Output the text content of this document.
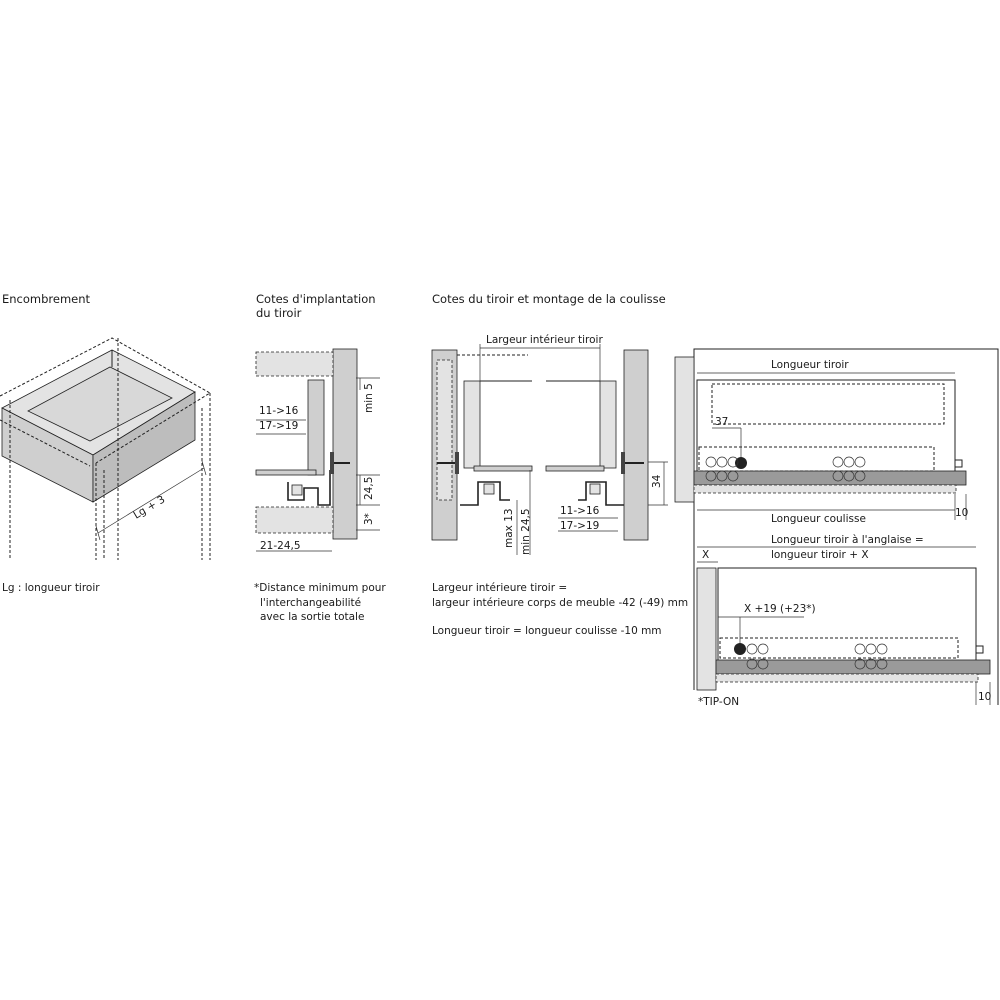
Encombrement
Lg + 3
Lg : longueur tiroir
Cotes d'implantation
du tiroir
11->16
17->19
min 5
24,5
3*
21-24,5
*Distance minimum pour
l'interchangeabilité
avec la sortie totale
Cotes du tiroir et montage de la coulisse
Largeur intérieur tiroir
max 13 min 24,5	11->16
17->19
34
Largeur intérieure tiroir =
largeur intérieure corps de meuble -42 (-49) mm
Longueur tiroir = longueur coulisse -10 mm
Longueur tiroir
37
Longueur coulisse	10
Longueur tiroir à l'anglaise =
longueur tiroir + X
X
X +19 (+23*)
10
*TIP-ON
